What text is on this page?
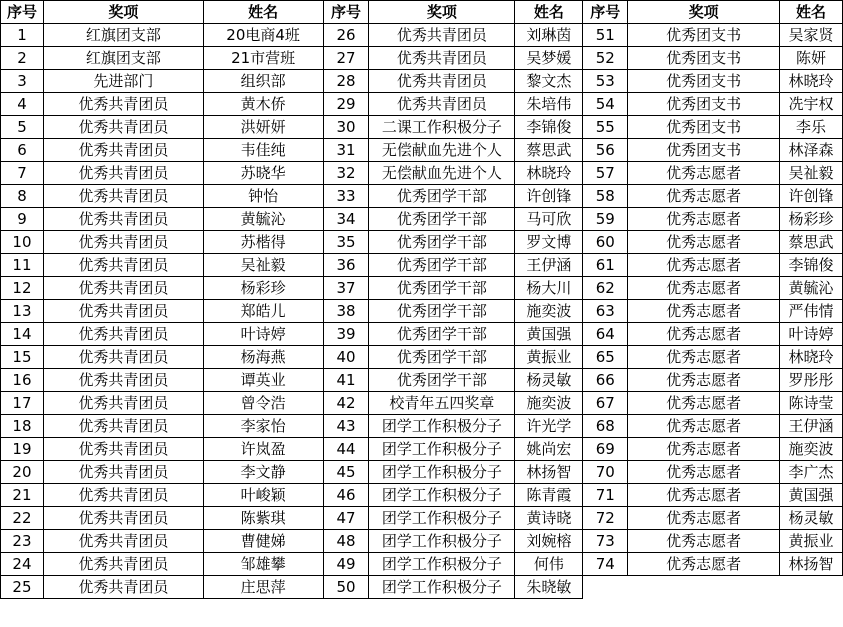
序号	奖项	姓名	序号	奖项	姓名	序号	奖项	姓名
1	红旗团支部	20电商4班	26	优秀共青团员	刘琳茵	51	优秀团支书	吴家贤
2	红旗团支部	21市营班	27	优秀共青团员	吴梦媛	52	优秀团支书	陈妍
3	先进部门	组织部	28	优秀共青团员	黎文杰	53	优秀团支书	林晓玲
4	优秀共青团员	黄木侨	29	优秀共青团员	朱培伟	54	优秀团支书	冼宇权
5	优秀共青团员	洪妍妍	30	二课工作积极分子	李锦俊	55	优秀团支书	李乐
6	优秀共青团员	韦佳纯	31	无偿献血先进个人	蔡思武	56	优秀团支书	林泽森
7	优秀共青团员	苏晓华	32	无偿献血先进个人	林晓玲	57	优秀志愿者	吴祉毅
8	优秀共青团员	钟怡	33	优秀团学干部	许创锋	58	优秀志愿者	许创锋
9	优秀共青团员	黄毓沁	34	优秀团学干部	马可欣	59	优秀志愿者	杨彩珍
10	优秀共青团员	苏楷得	35	优秀团学干部	罗文博	60	优秀志愿者	蔡思武
11	优秀共青团员	吴祉毅	36	优秀团学干部	王伊涵	61	优秀志愿者	李锦俊
12	优秀共青团员	杨彩珍	37	优秀团学干部	杨大川	62	优秀志愿者	黄毓沁
13	优秀共青团员	郑皓儿	38	优秀团学干部	施奕波	63	优秀志愿者	严伟情
14	优秀共青团员	叶诗婷	39	优秀团学干部	黄国强	64	优秀志愿者	叶诗婷
15	优秀共青团员	杨海燕	40	优秀团学干部	黄振业	65	优秀志愿者	林晓玲
16	优秀共青团员	谭英业	41	优秀团学干部	杨灵敏	66	优秀志愿者	罗彤彤
17	优秀共青团员	曾令浩	42	校青年五四奖章	施奕波	67	优秀志愿者	陈诗莹
18	优秀共青团员	李家怡	43	团学工作积极分子	许光学	68	优秀志愿者	王伊涵
19	优秀共青团员	许岚盈	44	团学工作积极分子	姚尚宏	69	优秀志愿者	施奕波
20	优秀共青团员	李文静	45	团学工作积极分子	林扬智	70	优秀志愿者	李广杰
21	优秀共青团员	叶峻颖	46	团学工作积极分子	陈青霞	71	优秀志愿者	黄国强
22	优秀共青团员	陈紫琪	47	团学工作积极分子	黄诗晓	72	优秀志愿者	杨灵敏
23	优秀共青团员	曹健娣	48	团学工作积极分子	刘婉榕	73	优秀志愿者	黄振业
24	优秀共青团员	邹雄攀	49	团学工作积极分子	何伟	74	优秀志愿者	林扬智
25	优秀共青团员	庄思萍	50	团学工作积极分子	朱晓敏			
